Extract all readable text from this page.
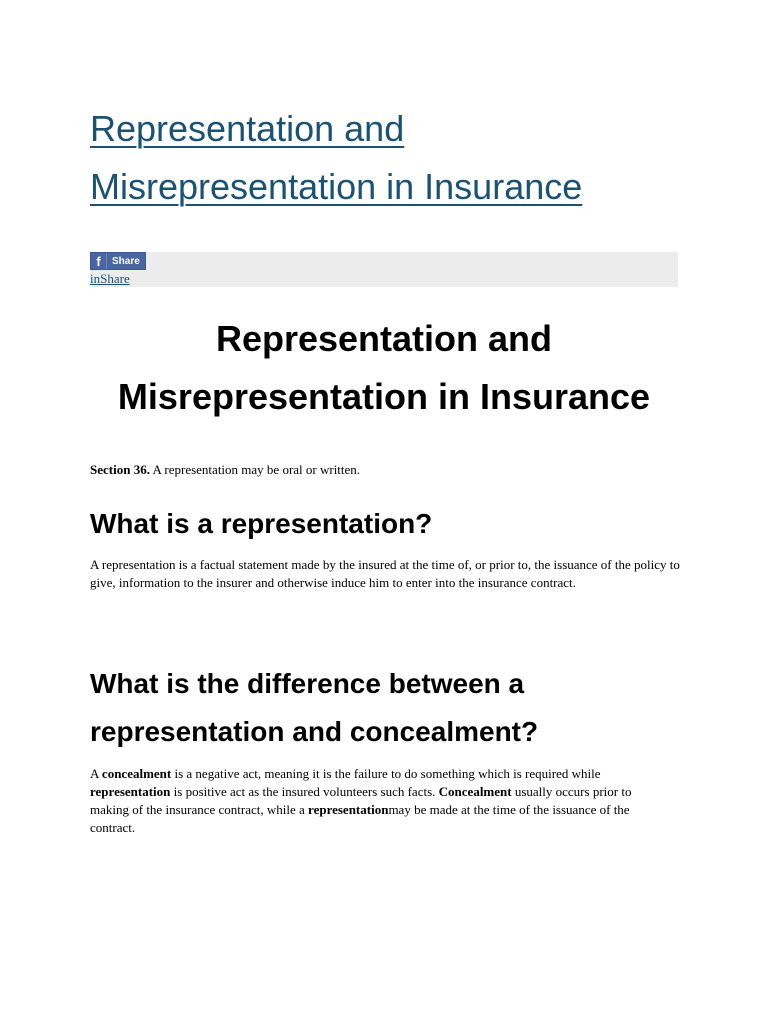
Representation and
Misrepresentation in Insurance
f	Share
inShare
Representation and
Misrepresentation in Insurance

Section 36. A representation may be oral or written.

What is a representation?

A representation is a factual statement made by the insured at the time of, or prior to, the issuance of the policy to give, information to the insurer and otherwise induce him to enter into the insurance contract.

What is the difference between a
representation and concealment?

A concealment is a negative act, meaning it is the failure to do something which is required while representation is positive act as the insured volunteers such facts. Concealment usually occurs prior to making of the insurance contract, while a representationmay be made at the time of the issuance of the contract.
